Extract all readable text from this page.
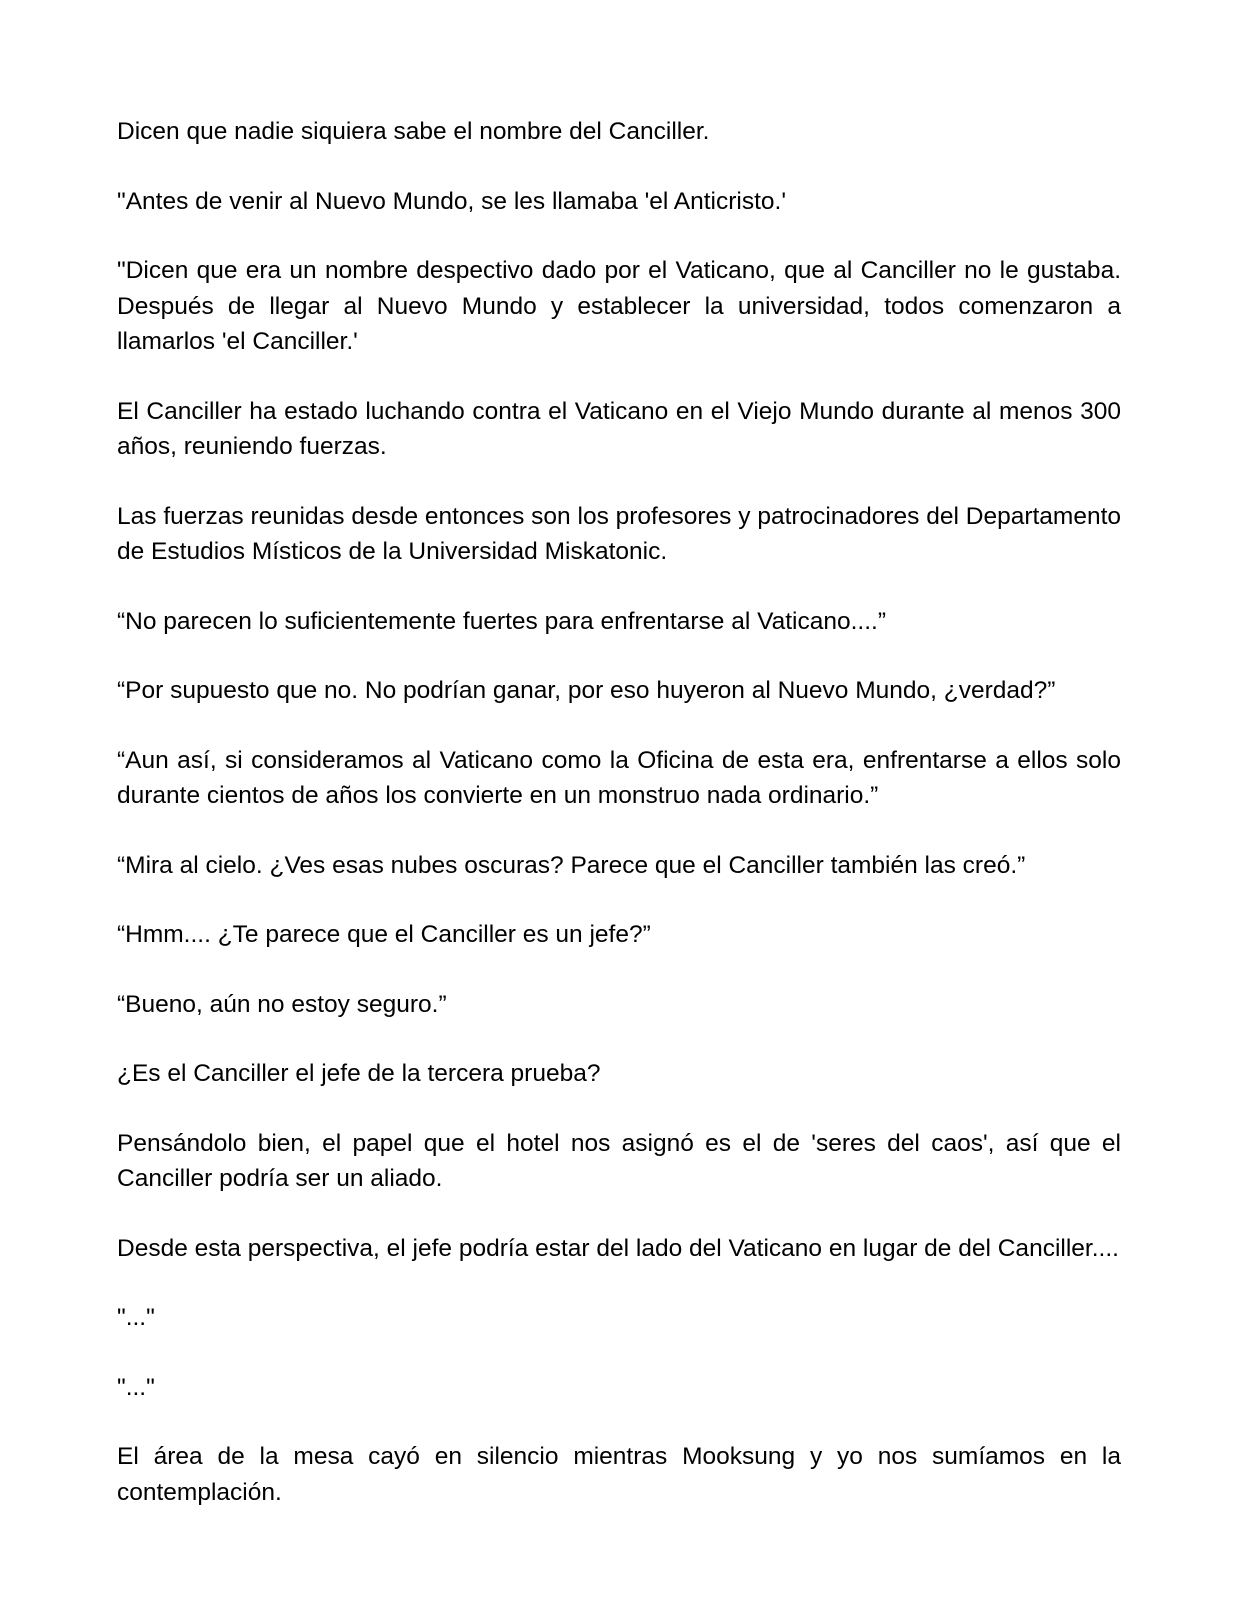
Dicen que nadie siquiera sabe el nombre del Canciller.

"Antes de venir al Nuevo Mundo, se les llamaba 'el Anticristo.'

"Dicen que era un nombre despectivo dado por el Vaticano, que al Canciller no le gustaba. Después de llegar al Nuevo Mundo y establecer la universidad, todos comenzaron a llamarlos 'el Canciller.'

El Canciller ha estado luchando contra el Vaticano en el Viejo Mundo durante al menos 300 años, reuniendo fuerzas.

Las fuerzas reunidas desde entonces son los profesores y patrocinadores del Departamento de Estudios Místicos de la Universidad Miskatonic.

“No parecen lo suficientemente fuertes para enfrentarse al Vaticano....”

“Por supuesto que no. No podrían ganar, por eso huyeron al Nuevo Mundo, ¿verdad?”

“Aun así, si consideramos al Vaticano como la Oficina de esta era, enfrentarse a ellos solo durante cientos de años los convierte en un monstruo nada ordinario.”

“Mira al cielo. ¿Ves esas nubes oscuras? Parece que el Canciller también las creó.”

“Hmm.... ¿Te parece que el Canciller es un jefe?”

“Bueno, aún no estoy seguro.”

¿Es el Canciller el jefe de la tercera prueba?

Pensándolo bien, el papel que el hotel nos asignó es el de 'seres del caos', así que el Canciller podría ser un aliado.

Desde esta perspectiva, el jefe podría estar del lado del Vaticano en lugar de del Canciller....

"..."

"..."

El área de la mesa cayó en silencio mientras Mooksung y yo nos sumíamos en la contemplación.
